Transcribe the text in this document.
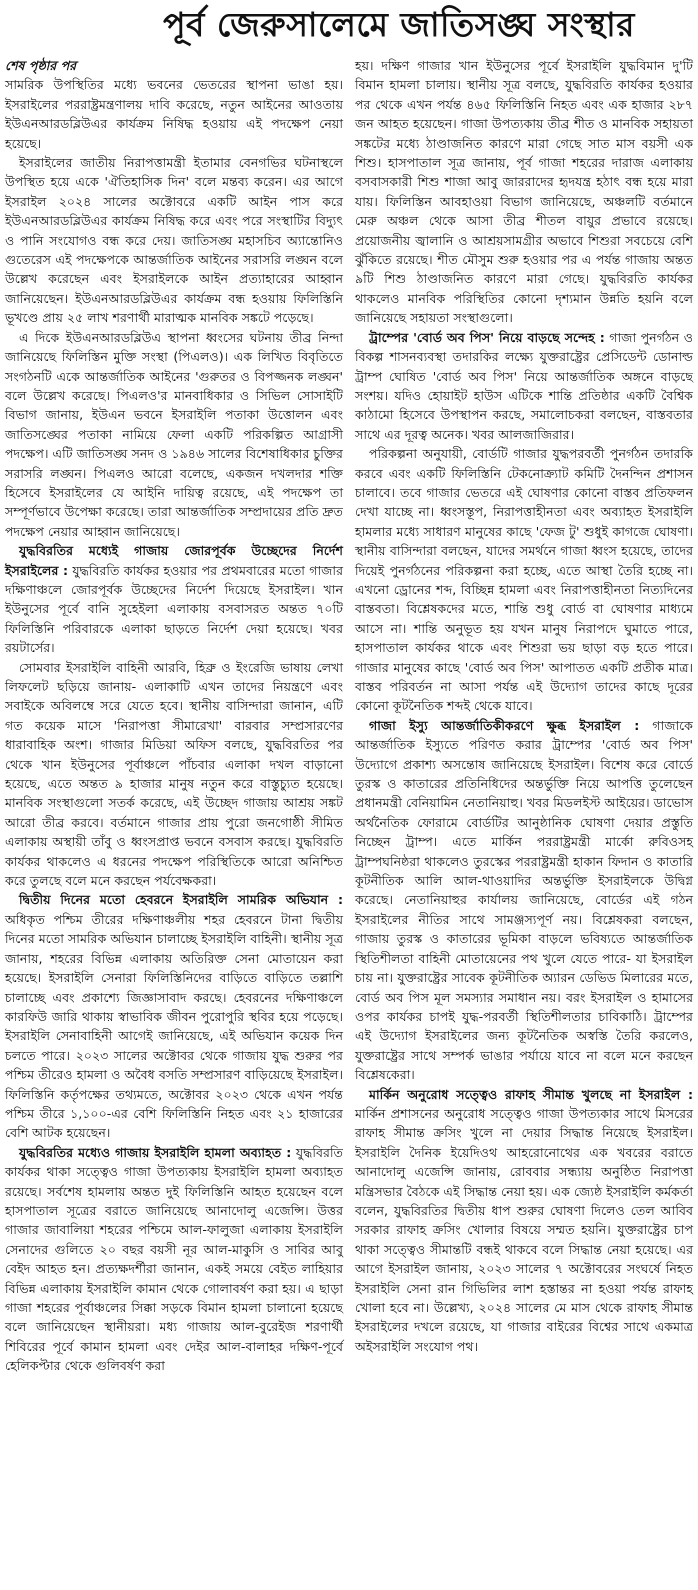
পূর্ব জেরুসালেমে জাতিসঙ্ঘ সংস্থার
শেষ পৃষ্ঠার পর

সামরিক উপস্থিতির মধ্যে ভবনের ভেতরের স্থাপনা ভাঙা হয়। ইসরাইলের পররাষ্ট্রমন্ত্রণালয় দাবি করেছে, নতুন আইনের আওতায় ইউএনআরডব্লিউএর কার্যক্রম নিষিদ্ধ হওয়ায় এই পদক্ষেপ নেয়া হয়েছে।

ইসরাইলের জাতীয় নিরাপত্তামন্ত্রী ইতামার বেনগভির ঘটনাস্থলে উপস্থিত হয়ে একে 'ঐতিহাসিক দিন' বলে মন্তব্য করেন। এর আগে ইসরাইল ২০২৪ সালের অক্টোবরে একটি আইন পাস করে ইউএনআরডব্লিউএর কার্যক্রম নিষিদ্ধ করে এবং পরে সংস্থাটির বিদ্যুৎ ও পানি সংযোগও বন্ধ করে দেয়। জাতিসঙ্ঘ মহাসচিব অ্যান্তোনিও গুতেরেস এই পদক্ষেপকে আন্তর্জাতিক আইনের সরাসরি লঙ্ঘন বলে উল্লেখ করেছেন এবং ইসরাইলকে আইন প্রত্যাহারের আহ্বান জানিয়েছেন। ইউএনআরডব্লিউএর কার্যক্রম বন্ধ হওয়ায় ফিলিস্তিনি ভূখণ্ডে প্রায় ২৫ লাখ শরণার্থী মারাত্মক মানবিক সঙ্কটে পড়েছে।

এ দিকে ইউএনআরডব্লিউএ স্থাপনা ধ্বংসের ঘটনায় তীব্র নিন্দা জানিয়েছে ফিলিস্তিন মুক্তি সংস্থা (পিএলও)। এক লিখিত বিবৃতিতে সংগঠনটি একে আন্তর্জাতিক আইনের 'গুরুতর ও বিপজ্জনক লঙ্ঘন' বলে উল্লেখ করেছে। পিএলও'র মানবাধিকার ও সিভিল সোসাইটি বিভাগ জানায়, ইউএন ভবনে ইসরাইলি পতাকা উত্তোলন এবং জাতিসঙ্ঘের পতাকা নামিয়ে ফেলা একটি পরিকল্পিত আগ্রাসী পদক্ষেপ। এটি জাতিসঙ্ঘ সনদ ও ১৯৪৬ সালের বিশেষাধিকার চুক্তির সরাসরি লঙ্ঘন। পিএলও আরো বলেছে, একজন দখলদার শক্তি হিসেবে ইসরাইলের যে আইনি দায়িত্ব রয়েছে, এই পদক্ষেপ তা সম্পূর্ণভাবে উপেক্ষা করেছে। তারা আন্তর্জাতিক সম্প্রদায়ের প্রতি দ্রুত পদক্ষেপ নেয়ার আহ্বান জানিয়েছে।

যুদ্ধবিরতির মধ্যেই গাজায় জোরপূর্বক উচ্ছেদের নির্দেশ ইসরাইলের : যুদ্ধবিরতি কার্যকর হওয়ার পর প্রথমবারের মতো গাজার দক্ষিণাঞ্চলে জোরপূর্বক উচ্ছেদের নির্দেশ দিয়েছে ইসরাইল। খান ইউনুসের পূর্বে বানি সুহেইলা এলাকায় বসবাসরত অন্তত ৭০টি ফিলিস্তিনি পরিবারকে এলাকা ছাড়তে নির্দেশ দেয়া হয়েছে। খবর রয়টার্সের।

সোমবার ইসরাইলি বাহিনী আরবি, হিব্রু ও ইংরেজি ভাষায় লেখা লিফলেট ছড়িয়ে জানায়- এলাকাটি এখন তাদের নিয়ন্ত্রণে এবং সবাইকে অবিলম্বে সরে যেতে হবে। স্থানীয় বাসিন্দারা জানান, এটি গত কয়েক মাসে 'নিরাপত্তা সীমারেখা' বারবার সম্প্রসারণের ধারাবাহিক অংশ। গাজার মিডিয়া অফিস বলছে, যুদ্ধবিরতির পর থেকে খান ইউনুসের পূর্বাঞ্চলে পাঁচবার এলাকা দখল বাড়ানো হয়েছে, এতে অন্তত ৯ হাজার মানুষ নতুন করে বাস্তুচ্যুত হয়েছে। মানবিক সংস্থাগুলো সতর্ক করেছে, এই উচ্ছেদ গাজায় আশ্রয় সঙ্কট আরো তীব্র করবে। বর্তমানে গাজার প্রায় পুরো জনগোষ্ঠী সীমিত এলাকায় অস্থায়ী তাঁবু ও ধ্বংসপ্রাপ্ত ভবনে বসবাস করছে। যুদ্ধবিরতি কার্যকর থাকলেও এ ধরনের পদক্ষেপ পরিস্থিতিকে আরো অনিশ্চিত করে তুলছে বলে মনে করছেন পর্যবেক্ষকরা।

দ্বিতীয় দিনের মতো হেবরনে ইসরাইলি সামরিক অভিযান : অধিকৃত পশ্চিম তীরের দক্ষিণাঞ্চলীয় শহর হেবরনে টানা দ্বিতীয় দিনের মতো সামরিক অভিযান চালাচ্ছে ইসরাইলি বাহিনী। স্থানীয় সূত্র জানায়, শহরের বিভিন্ন এলাকায় অতিরিক্ত সেনা মোতায়েন করা হয়েছে। ইসরাইলি সেনারা ফিলিস্তিনিদের বাড়িতে বাড়িতে তল্লাশি চালাচ্ছে এবং প্রকাশ্যে জিজ্ঞাসাবাদ করছে। হেবরনের দক্ষিণাঞ্চলে কারফিউ জারি থাকায় স্বাভাবিক জীবন পুরোপুরি স্থবির হয়ে পড়েছে। ইসরাইলি সেনাবাহিনী আগেই জানিয়েছে, এই অভিযান কয়েক দিন চলতে পারে। ২০২৩ সালের অক্টোবর থেকে গাজায় যুদ্ধ শুরুর পর পশ্চিম তীরেও হামলা ও অবৈধ বসতি সম্প্রসারণ বাড়িয়েছে ইসরাইল। ফিলিস্তিনি কর্তৃপক্ষের তথ্যমতে, অক্টোবর ২০২৩ থেকে এখন পর্যন্ত পশ্চিম তীরে ১,১০০-এর বেশি ফিলিস্তিনি নিহত এবং ২১ হাজারের বেশি আটক হয়েছেন।

যুদ্ধবিরতির মধ্যেও গাজায় ইসরাইলি হামলা অব্যাহত : যুদ্ধবিরতি কার্যকর থাকা সত্ত্বেও গাজা উপত্যকায় ইসরাইলি হামলা অব্যাহত রয়েছে। সর্বশেষ হামলায় অন্তত দুই ফিলিস্তিনি আহত হয়েছেন বলে হাসপাতাল সূত্রের বরাতে জানিয়েছে আনাদোলু এজেন্সি। উত্তর গাজার জাবালিয়া শহরের পশ্চিমে আল-ফালুজা এলাকায় ইসরাইলি সেনাদের গুলিতে ২০ বছর বয়সী নূর আল-মাকুসি ও সাবির আবু বেইদ আহত হন। প্রত্যক্ষদর্শীরা জানান, একই সময়ে বেইত লাহিয়ার বিভিন্ন এলাকায় ইসরাইলি কামান থেকে গোলাবর্ষণ করা হয়। এ ছাড়া গাজা শহরের পূর্বাঞ্চলের সিক্কা সড়কে বিমান হামলা চালানো হয়েছে বলে জানিয়েছেন স্থানীয়রা। মধ্য গাজায় আল-বুরেইজ শরণার্থী শিবিরের পূর্বে কামান হামলা এবং দেইর আল-বালাহর দক্ষিণ-পূর্বে হেলিকপ্টার থেকে গুলিবর্ষণ করা

হয়। দক্ষিণ গাজার খান ইউনুসের পূর্বে ইসরাইলি যুদ্ধবিমান দু'টি বিমান হামলা চালায়। স্থানীয় সূত্র বলছে, যুদ্ধবিরতি কার্যকর হওয়ার পর থেকে এখন পর্যন্ত ৪৬৫ ফিলিস্তিনি নিহত এবং এক হাজার ২৮৭ জন আহত হয়েছেন। গাজা উপত্যকায় তীব্র শীত ও মানবিক সহায়তা সঙ্কটের মধ্যে ঠাণ্ডাজনিত কারণে মারা গেছে সাত মাস বয়সী এক শিশু। হাসপাতাল সূত্র জানায়, পূর্ব গাজা শহরের দারাজ এলাকায় বসবাসকারী শিশু শাজা আবু জাররাদের হৃদযন্ত্র হঠাৎ বন্ধ হয়ে মারা যায়। ফিলিস্তিন আবহাওয়া বিভাগ জানিয়েছে, অঞ্চলটি বর্তমানে মেরু অঞ্চল থেকে আসা তীব্র শীতল বায়ুর প্রভাবে রয়েছে। প্রয়োজনীয় জ্বালানি ও আশ্রয়সামগ্রীর অভাবে শিশুরা সবচেয়ে বেশি ঝুঁকিতে রয়েছে। শীত মৌসুম শুরু হওয়ার পর এ পর্যন্ত গাজায় অন্তত ৯টি শিশু ঠাণ্ডাজনিত কারণে মারা গেছে। যুদ্ধবিরতি কার্যকর থাকলেও মানবিক পরিস্থিতির কোনো দৃশ্যমান উন্নতি হয়নি বলে জানিয়েছে সহায়তা সংস্থাগুলো।

ট্রাম্পের 'বোর্ড অব পিস' নিয়ে বাড়ছে সন্দেহ : গাজা পুনর্গঠন ও বিকল্প শাসনব্যবস্থা তদারকির লক্ষ্যে যুক্তরাষ্ট্রের প্রেসিডেন্ট ডোনাল্ড ট্রাম্প ঘোষিত 'বোর্ড অব পিস' নিয়ে আন্তর্জাতিক অঙ্গনে বাড়ছে সংশয়। যদিও হোয়াইট হাউস এটিকে শান্তি প্রতিষ্ঠার একটি বৈশ্বিক কাঠামো হিসেবে উপস্থাপন করছে, সমালোচকরা বলছেন, বাস্তবতার সাথে এর দূরত্ব অনেক। খবর আলজাজিরার।

পরিকল্পনা অনুযায়ী, বোর্ডটি গাজার যুদ্ধপরবর্তী পুনর্গঠন তদারকি করবে এবং একটি ফিলিস্তিনি টেকনোক্র্যাট কমিটি দৈনন্দিন প্রশাসন চালাবে। তবে গাজার ভেতরে এই ঘোষণার কোনো বাস্তব প্রতিফলন দেখা যাচ্ছে না। ধ্বংসস্তূপ, নিরাপত্তাহীনতা এবং অব্যাহত ইসরাইলি হামলার মধ্যে সাধারণ মানুষের কাছে 'ফেজ টু' শুধুই কাগজে ঘোষণা। স্থানীয় বাসিন্দারা বলছেন, যাদের সমর্থনে গাজা ধ্বংস হয়েছে, তাদের দিয়েই পুনর্গঠনের পরিকল্পনা করা হচ্ছে, এতে আস্থা তৈরি হচ্ছে না। এখনো ড্রোনের শব্দ, বিচ্ছিন্ন হামলা এবং নিরাপত্তাহীনতা নিত্যদিনের বাস্তবতা। বিশ্লেষকদের মতে, শান্তি শুধু বোর্ড বা ঘোষণার মাধ্যমে আসে না। শান্তি অনুভূত হয় যখন মানুষ নিরাপদে ঘুমাতে পারে, হাসপাতাল কার্যকর থাকে এবং শিশুরা ভয় ছাড়া বড় হতে পারে। গাজার মানুষের কাছে 'বোর্ড অব পিস' আপাতত একটি প্রতীক মাত্র। বাস্তব পরিবর্তন না আসা পর্যন্ত এই উদ্যোগ তাদের কাছে দূরের কোনো কূটনৈতিক শব্দই থেকে যাবে।

গাজা ইস্যু আন্তর্জাতিকীকরণে ক্ষুব্ধ ইসরাইল : গাজাকে আন্তর্জাতিক ইস্যুতে পরিণত করার ট্রাম্পের 'বোর্ড অব পিস' উদ্যোগে প্রকাশ্য অসন্তোষ জানিয়েছে ইসরাইল। বিশেষ করে বোর্ডে তুরস্ক ও কাতারের প্রতিনিধিদের অন্তর্ভুক্তি নিয়ে আপত্তি তুলেছেন প্রধানমন্ত্রী বেনিয়ামিন নেতানিয়াহু। খবর মিডলইস্ট আইয়ের। ডাভোস অর্থনৈতিক ফোরামে বোর্ডটির আনুষ্ঠানিক ঘোষণা দেয়ার প্রস্তুতি নিচ্ছেন ট্রাম্প। এতে মার্কিন পররাষ্ট্রমন্ত্রী মার্কো রুবিওসহ ট্রাম্পঘনিষ্ঠরা থাকলেও তুরস্কের পররাষ্ট্রমন্ত্রী হাকান ফিদান ও কাতারি কূটনীতিক আলি আল-থাওয়াদির অন্তর্ভুক্তি ইসরাইলকে উদ্বিগ্ন করেছে। নেতানিয়াহুর কার্যালয় জানিয়েছে, বোর্ডের এই গঠন ইসরাইলের নীতির সাথে সামঞ্জস্যপূর্ণ নয়। বিশ্লেষকরা বলছেন, গাজায় তুরস্ক ও কাতারের ভূমিকা বাড়লে ভবিষ্যতে আন্তর্জাতিক স্থিতিশীলতা বাহিনী মোতায়েনের পথ খুলে যেতে পারে- যা ইসরাইল চায় না। যুক্তরাষ্ট্রের সাবেক কূটনীতিক অ্যারন ডেভিড মিলারের মতে, বোর্ড অব পিস মূল সমস্যার সমাধান নয়। বরং ইসরাইল ও হামাসের ওপর কার্যকর চাপই যুদ্ধ-পরবর্তী স্থিতিশীলতার চাবিকাঠি। ট্রাম্পের এই উদ্যোগ ইসরাইলের জন্য কূটনৈতিক অস্বস্তি তৈরি করলেও, যুক্তরাষ্ট্রের সাথে সম্পর্ক ভাঙার পর্যায়ে যাবে না বলে মনে করছেন বিশ্লেষকেরা।

মার্কিন অনুরোধ সত্ত্বেও রাফাহ সীমান্ত খুলছে না ইসরাইল : মার্কিন প্রশাসনের অনুরোধ সত্ত্বেও গাজা উপত্যকার সাথে মিসরের রাফাহ সীমান্ত ক্রসিং খুলে না দেয়ার সিদ্ধান্ত নিয়েছে ইসরাইল। ইসরাইলি দৈনিক ইয়েদিওথ আহরোনোথের এক খবরের বরাতে আনাদোলু এজেন্সি জানায়, রোববার সন্ধ্যায় অনুষ্ঠিত নিরাপত্তা মন্ত্রিসভার বৈঠকে এই সিদ্ধান্ত নেয়া হয়। এক জ্যেষ্ঠ ইসরাইলি কর্মকর্তা বলেন, যুদ্ধবিরতির দ্বিতীয় ধাপ শুরুর ঘোষণা দিলেও তেল আবিব সরকার রাফাহ ক্রসিং খোলার বিষয়ে সম্মত হয়নি। যুক্তরাষ্ট্রের চাপ থাকা সত্ত্বেও সীমান্তটি বন্ধই থাকবে বলে সিদ্ধান্ত নেয়া হয়েছে। এর আগে ইসরাইল জানায়, ২০২৩ সালের ৭ অক্টোবরের সংঘর্ষে নিহত ইসরাইলি সেনা রান গিভিলির লাশ হস্তান্তর না হওয়া পর্যন্ত রাফাহ খোলা হবে না। উল্লেখ্য, ২০২৪ সালের মে মাস থেকে রাফাহ সীমান্ত ইসরাইলের দখলে রয়েছে, যা গাজার বাইরের বিশ্বের সাথে একমাত্র অইসরাইলি সংযোগ পথ।
